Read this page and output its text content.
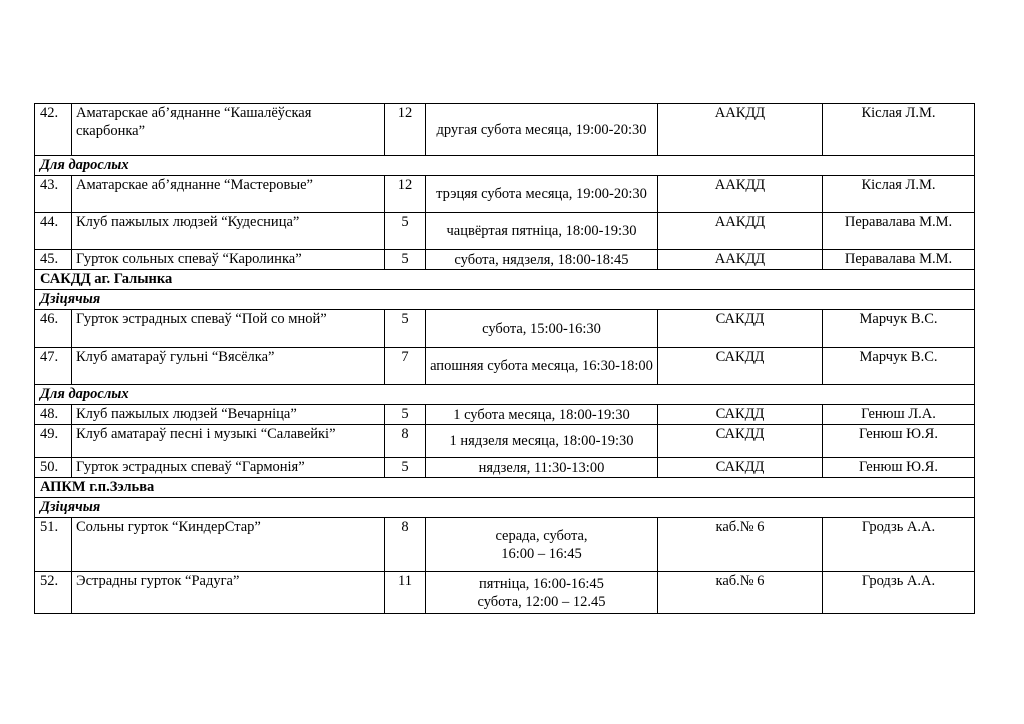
42.	Аматарскае аб’яднанне “Кашалёўская скарбонка”	12	другая субота месяца, 19:00-20:30	ААКДД	Кіслая Л.М.
Для дарослых					
43.	Аматарскае аб’яднанне “Мастеровые”	12	трэцяя субота месяца, 19:00-20:30	ААКДД	Кіслая Л.М.
44.	Клуб пажылых людзей “Кудесница”	5	чацвёртая пятніца, 18:00-19:30	ААКДД	Перавалава М.М.
45.	Гурток сольных спеваў “Каролинка”	5	субота, нядзеля, 18:00-18:45	ААКДД	Перавалава М.М.
САКДД аг. Галынка					
Дзіцячыя					
46.	Гурток эстрадных спеваў “Пой со мной”	5	субота, 15:00-16:30	САКДД	Марчук В.С.
47.	Клуб аматараў гульні “Вясёлка”	7	апошняя субота месяца, 16:30-18:00	САКДД	Марчук В.С.
Для дарослых					
48.	Клуб пажылых людзей “Вечарніца”	5	1 субота месяца, 18:00-19:30	САКДД	Генюш Л.А.
49.	Клуб аматараў песні і музыкі “Салавейкі”	8	1 нядзеля месяца, 18:00-19:30	САКДД	Генюш Ю.Я.
50.	Гурток эстрадных спеваў “Гармонія”	5	нядзеля, 11:30-13:00	САКДД	Генюш Ю.Я.
АПКМ г.п.Зэльва					
Дзіцячыя					
51.	Сольны гурток “КиндерСтар”	8	серада, субота,
16:00 – 16:45	каб.№ 6	Гродзь А.А.
52.	Эстрадны гурток “Радуга”	11	пятніца, 16:00-16:45
субота, 12:00 – 12.45	каб.№ 6	Гродзь А.А.
